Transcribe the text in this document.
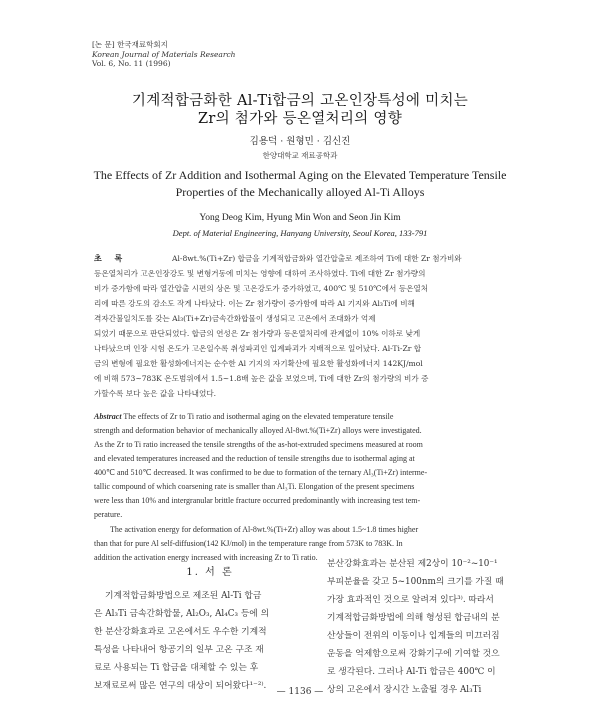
[논 문] 한국재료학회지
Korean Journal of Materials Research
Vol. 6, No. 11 (1996)
기계적합금화한 Al-Ti합금의 고온인장특성에 미치는
Zr의 첨가와 등온열처리의 영향
김용덕 · 원형민 · 김신진
한양대학교 재료공학과
The Effects of Zr Addition and Isothermal Aging on the Elevated Temperature Tensile
Properties of the Mechanically alloyed Al-Ti Alloys
Yong Deog Kim, Hyung Min Won and Seon Jin Kim
Dept. of Material Engineering, Hanyang University, Seoul Korea, 133-791
초 록	Al-8wt.%(Ti+Zr) 합금을 기계적합금화와 열간압출로 제조하여 Ti에 대한 Zr 첨가비와
등온열처리가 고온인장강도 및 변형거동에 미치는 영향에 대하여 조사하였다. Ti에 대한 Zr 첨가량의
비가 증가함에 따라 열간압출 시편의 상온 및 고온강도가 증가하였고, 400℃ 및 510℃에서 등온열처
리에 따른 강도의 감소도 작게 나타났다. 이는 Zr 첨가량이 증가함에 따라 Al 기지와 Al₃Ti에 비해
격자간불일치도를 갖는 Al₃(Ti+Zr)금속간화합물이 생성되고 고온에서 조대화가 억제
되었기 때문으로 판단되었다. 합금의 연성은 Zr 첨가량과 등온열처리에 관계없이 10% 이하로 낮게
나타났으며 인장 시험 온도가 고온일수록 취성파괴인 입계파괴가 지배적으로 일어났다. Al-Ti-Zr 합
금의 변형에 필요한 활성화에너지는 순수한 Al 기지의 자기확산에 필요한 활성화에너지 142KJ/mol
에 비해 573~783K 온도범위에서 1.5~1.8배 높은 값을 보였으며, Ti에 대한 Zr의 첨가량의 비가 증
가할수록 보다 높은 값을 나타내었다.
Abstract The effects of Zr to Ti ratio and isothermal aging on the elevated temperature tensile
strength and deformation behavior of mechanically alloyed Al-8wt.%(Ti+Zr) alloys were investigated.
As the Zr to Ti ratio increased the tensile strengths of the as-hot-extruded specimens measured at room
and elevated temperatures increased and the reduction of tensile strengths due to isothermal aging at
400℃ and 510℃ decreased. It was confirmed to be due to formation of the ternary Al₃(Ti+Zr) interme-
tallic compound of which coarsening rate is smaller than Al₃Ti. Elongation of the present specimens
were less than 10% and intergranular brittle fracture occurred predominantly with increasing test tem-
perature.
The activation energy for deformation of Al-8wt.%(Ti+Zr) alloy was about 1.5~1.8 times higher
than that for pure Al self-diffusion(142 KJ/mol) in the temperature range from 573K to 783K. In
addition the activation energy increased with increasing Zr to Ti ratio.
1. 서 론
기계적합금화방법으로 제조된 Al-Ti 합금
은 Al₃Ti 금속간화합물, Al₂O₃, Al₄C₃ 등에 의
한 분산강화효과로 고온에서도 우수한 기계적
특성을 나타내어 항공기의 일부 고온 구조 재
료로 사용되는 Ti 합금을 대체할 수 있는 후
보재료로써 많은 연구의 대상이 되어왔다¹⁻²⁾.
분산강화효과는 분산된 제2상이 10⁻²~10⁻¹
부피분율을 갖고 5~100nm의 크기를 가질 때
가장 효과적인 것으로 알려져 있다³⁾. 따라서
기계적합금화방법에 의해 형성된 합금내의 분
산상들이 전위의 이동이나 입계들의 미끄러짐
운동을 억제함으로써 강화기구에 기여할 것으
로 생각된다. 그러나 Al-Ti 합금은 400℃ 이
상의 고온에서 장시간 노출될 경우 Al₃Ti
— 1136 —
